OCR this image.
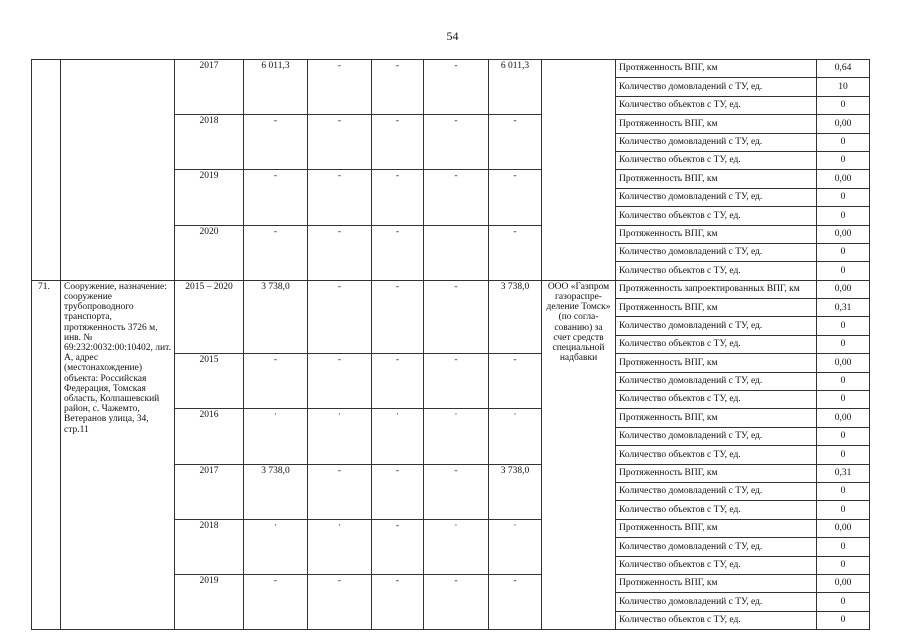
54
		2017	6 011,3	-	-	-	6 011,3		Протяженность ВПГ, км	0,64
									Количество домовладений с ТУ, ед.	10
									Количество объектов с ТУ, ед.	0
		2018	-	-	-	-	-		Протяженность ВПГ, км	0,00
									Количество домовладений с ТУ, ед.	0
									Количество объектов с ТУ, ед.	0
		2019	-	-	-	-	-		Протяженность ВПГ, км	0,00
									Количество домовладений с ТУ, ед.	0
									Количество объектов с ТУ, ед.	0
		2020	-	-	-		-		Протяженность ВПГ, км	0,00
									Количество домовладений с ТУ, ед.	0
									Количество объектов с ТУ, ед.	0
71.	Сооружение, назначение: сооружение трубопроводного транспорта, протяженность 3726 м, инв. № 69:232:0032:00:10402, лит. А, адрес (местонахождение) объекта: Российская Федерация, Томская область, Колпашевский район, с. Чажемто, Ветеранов улица, 34, стр.11	2015 – 2020	3 738,0	-	-	-	3 738,0	ООО «Газпром газораспре-деление Томск» (по согла-сованию) за счет средств специальной надбавки	Протяженность запроектированных ВПГ, км	0,00
									Протяженность ВПГ, км	0,31
									Количество домовладений с ТУ, ед.	0
									Количество объектов с ТУ, ед.	0
		2015	-	-	-	-	-		Протяженность ВПГ, км	0,00
									Количество домовладений с ТУ, ед.	0
									Количество объектов с ТУ, ед.	0
		2016	·	·	·	·	·		Протяженность ВПГ, км	0,00
									Количество домовладений с ТУ, ед.	0
									Количество объектов с ТУ, ед.	0
		2017	3 738,0	-	-	-	3 738,0		Протяженность ВПГ, км	0,31
									Количество домовладений с ТУ, ед.	0
									Количество объектов с ТУ, ед.	0
		2018	·	·	-	·	·		Протяженность ВПГ, км	0,00
									Количество домовладений с ТУ, ед.	0
									Количество объектов с ТУ, ед.	0
		2019	-	-	-	-	-		Протяженность ВПГ, км	0,00
									Количество домовладений с ТУ, ед.	0
									Количество объектов с ТУ, ед.	0
